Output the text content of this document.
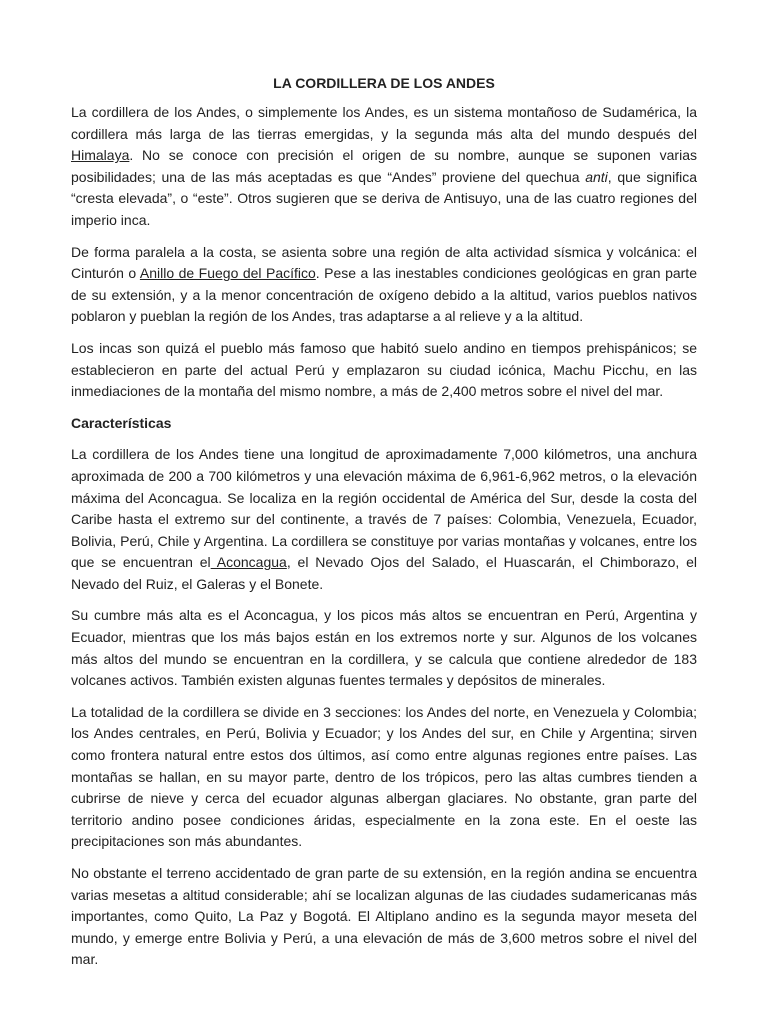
LA CORDILLERA DE LOS ANDES

La cordillera de los Andes, o simplemente los Andes, es un sistema montañoso de Sudamérica, la cordillera más larga de las tierras emergidas, y la segunda más alta del mundo después del Himalaya. No se conoce con precisión el origen de su nombre, aunque se suponen varias posibilidades; una de las más aceptadas es que “Andes” proviene del quechua anti, que significa “cresta elevada”, o “este”. Otros sugieren que se deriva de Antisuyo, una de las cuatro regiones del imperio inca.

De forma paralela a la costa, se asienta sobre una región de alta actividad sísmica y volcánica: el Cinturón o Anillo de Fuego del Pacífico. Pese a las inestables condiciones geológicas en gran parte de su extensión, y a la menor concentración de oxígeno debido a la altitud, varios pueblos nativos poblaron y pueblan la región de los Andes, tras adaptarse a al relieve y a la altitud.

Los incas son quizá el pueblo más famoso que habitó suelo andino en tiempos prehispánicos; se establecieron en parte del actual Perú y emplazaron su ciudad icónica, Machu Picchu, en las inmediaciones de la montaña del mismo nombre, a más de 2,400 metros sobre el nivel del mar.

Características

La cordillera de los Andes tiene una longitud de aproximadamente 7,000 kilómetros, una anchura aproximada de 200 a 700 kilómetros y una elevación máxima de 6,961-6,962 metros, o la elevación máxima del Aconcagua. Se localiza en la región occidental de América del Sur, desde la costa del Caribe hasta el extremo sur del continente, a través de 7 países: Colombia, Venezuela, Ecuador, Bolivia, Perú, Chile y Argentina. La cordillera se constituye por varias montañas y volcanes, entre los que se encuentran el Aconcagua, el Nevado Ojos del Salado, el Huascarán, el Chimborazo, el Nevado del Ruiz, el Galeras y el Bonete.

Su cumbre más alta es el Aconcagua, y los picos más altos se encuentran en Perú, Argentina y Ecuador, mientras que los más bajos están en los extremos norte y sur. Algunos de los volcanes más altos del mundo se encuentran en la cordillera, y se calcula que contiene alrededor de 183 volcanes activos. También existen algunas fuentes termales y depósitos de minerales.

La totalidad de la cordillera se divide en 3 secciones: los Andes del norte, en Venezuela y Colombia; los Andes centrales, en Perú, Bolivia y Ecuador; y los Andes del sur, en Chile y Argentina; sirven como frontera natural entre estos dos últimos, así como entre algunas regiones entre países. Las montañas se hallan, en su mayor parte, dentro de los trópicos, pero las altas cumbres tienden a cubrirse de nieve y cerca del ecuador algunas albergan glaciares. No obstante, gran parte del territorio andino posee condiciones áridas, especialmente en la zona este. En el oeste las precipitaciones son más abundantes.

No obstante el terreno accidentado de gran parte de su extensión, en la región andina se encuentra varias mesetas a altitud considerable; ahí se localizan algunas de las ciudades sudamericanas más importantes, como Quito, La Paz y Bogotá. El Altiplano andino es la segunda mayor meseta del mundo, y emerge entre Bolivia y Perú, a una elevación de más de 3,600 metros sobre el nivel del mar.
